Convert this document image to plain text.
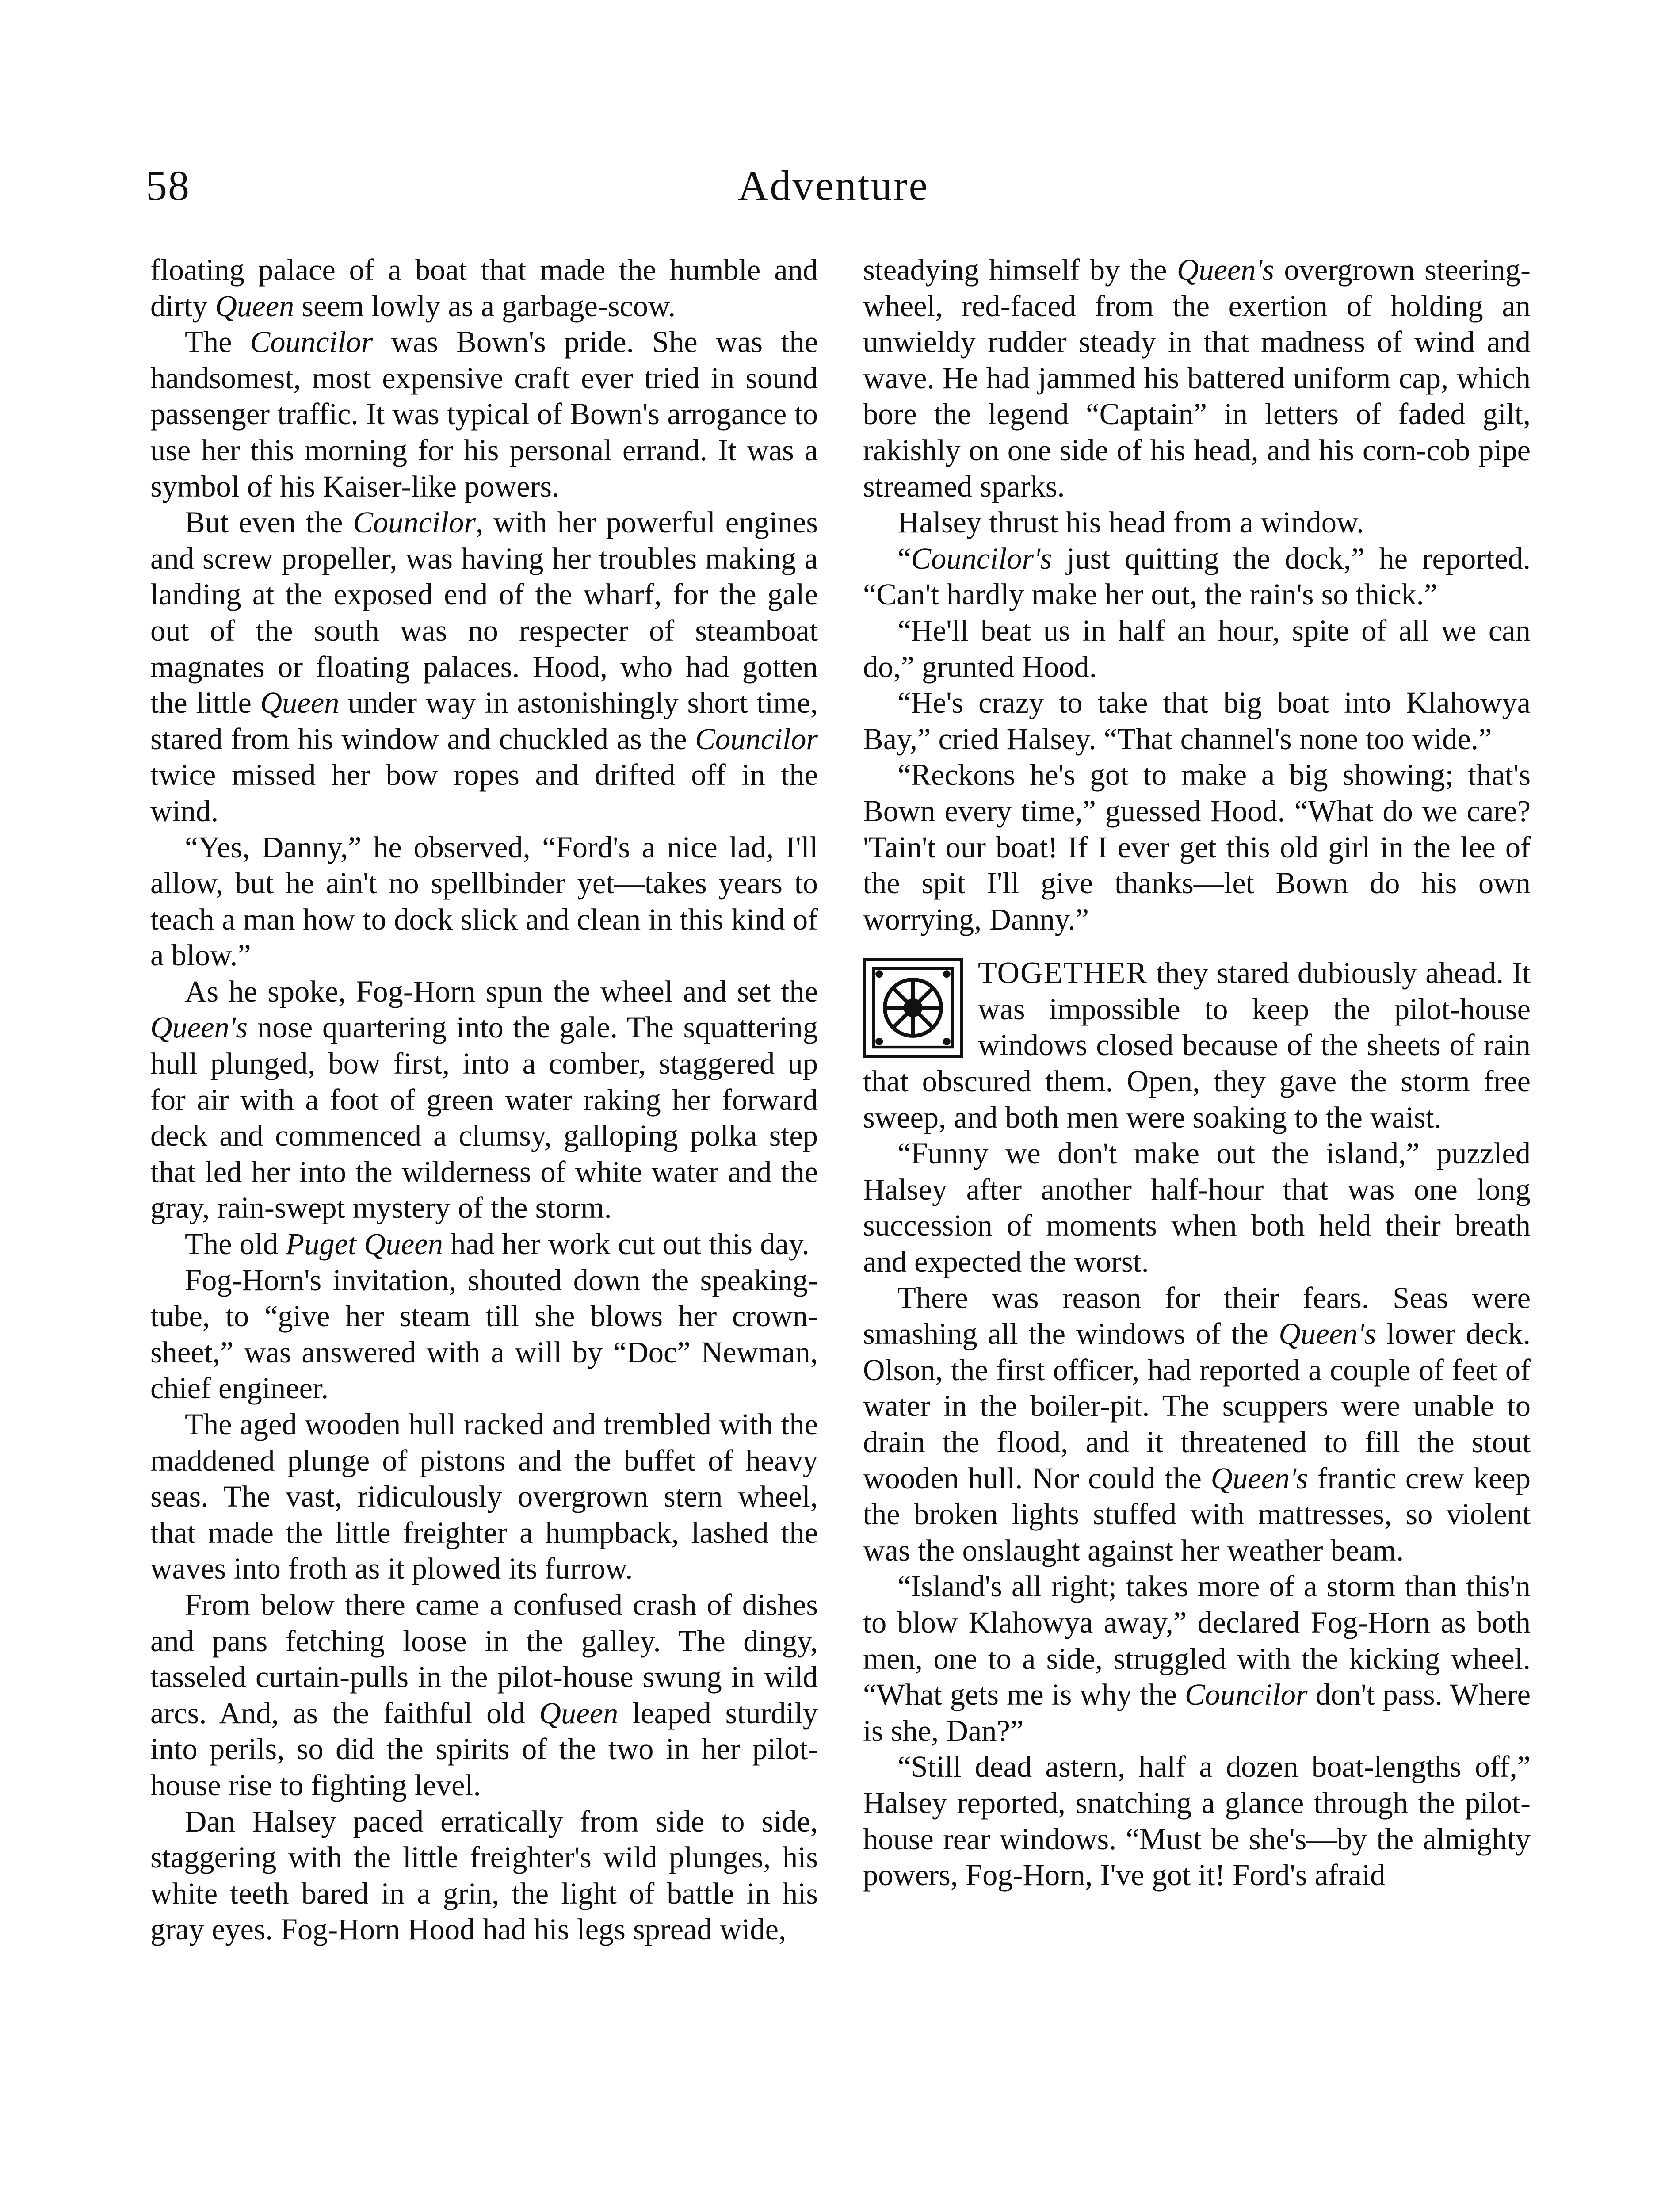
58	Adventure

floating palace of a boat that made the humble and dirty Queen seem lowly as a garbage-scow.

The Councilor was Bown's pride. She was the handsomest, most expensive craft ever tried in sound passenger traffic. It was typical of Bown's arrogance to use her this morning for his personal errand. It was a symbol of his Kaiser-like powers.

But even the Councilor, with her powerful engines and screw propeller, was having her troubles making a landing at the exposed end of the wharf, for the gale out of the south was no respecter of steamboat magnates or floating palaces. Hood, who had gotten the little Queen under way in astonishingly short time, stared from his window and chuckled as the Councilor twice missed her bow ropes and drifted off in the wind.

“Yes, Danny,” he observed, “Ford's a nice lad, I'll allow, but he ain't no spellbinder yet—takes years to teach a man how to dock slick and clean in this kind of a blow.”

As he spoke, Fog-Horn spun the wheel and set the Queen's nose quartering into the gale. The squattering hull plunged, bow first, into a comber, staggered up for air with a foot of green water raking her forward deck and commenced a clumsy, galloping polka step that led her into the wilderness of white water and the gray, rain-swept mystery of the storm.

The old Puget Queen had her work cut out this day.

Fog-Horn's invitation, shouted down the speaking-tube, to “give her steam till she blows her crown-sheet,” was answered with a will by “Doc” Newman, chief engineer.

The aged wooden hull racked and trembled with the maddened plunge of pistons and the buffet of heavy seas. The vast, ridiculously overgrown stern wheel, that made the little freighter a humpback, lashed the waves into froth as it plowed its furrow.

From below there came a confused crash of dishes and pans fetching loose in the galley. The dingy, tasseled curtain-pulls in the pilot-house swung in wild arcs. And, as the faithful old Queen leaped sturdily into perils, so did the spirits of the two in her pilot-house rise to fighting level.

Dan Halsey paced erratically from side to side, staggering with the little freighter's wild plunges, his white teeth bared in a grin, the light of battle in his gray eyes. Fog-Horn Hood had his legs spread wide,

steadying himself by the Queen's overgrown steering-wheel, red-faced from the exertion of holding an unwieldy rudder steady in that madness of wind and wave. He had jammed his battered uniform cap, which bore the legend “Captain” in letters of faded gilt, rakishly on one side of his head, and his corn-cob pipe streamed sparks.

Halsey thrust his head from a window.

“Councilor's just quitting the dock,” he reported. “Can't hardly make her out, the rain's so thick.”

“He'll beat us in half an hour, spite of all we can do,” grunted Hood.

“He's crazy to take that big boat into Klahowya Bay,” cried Halsey. “That channel's none too wide.”

“Reckons he's got to make a big showing; that's Bown every time,” guessed Hood. “What do we care? 'Tain't our boat! If I ever get this old girl in the lee of the spit I'll give thanks—let Bown do his own worrying, Danny.”

TOGETHER they stared dubiously ahead. It was impossible to keep the pilot-house windows closed because of the sheets of rain that obscured them. Open, they gave the storm free sweep, and both men were soaking to the waist.

“Funny we don't make out the island,” puzzled Halsey after another half-hour that was one long succession of moments when both held their breath and expected the worst.

There was reason for their fears. Seas were smashing all the windows of the Queen's lower deck. Olson, the first officer, had reported a couple of feet of water in the boiler-pit. The scuppers were unable to drain the flood, and it threatened to fill the stout wooden hull. Nor could the Queen's frantic crew keep the broken lights stuffed with mattresses, so violent was the onslaught against her weather beam.

“Island's all right; takes more of a storm than this'n to blow Klahowya away,” declared Fog-Horn as both men, one to a side, struggled with the kicking wheel. “What gets me is why the Councilor don't pass. Where is she, Dan?”

“Still dead astern, half a dozen boat-lengths off,” Halsey reported, snatching a glance through the pilot-house rear windows. “Must be she's—by the almighty powers, Fog-Horn, I've got it! Ford's afraid
